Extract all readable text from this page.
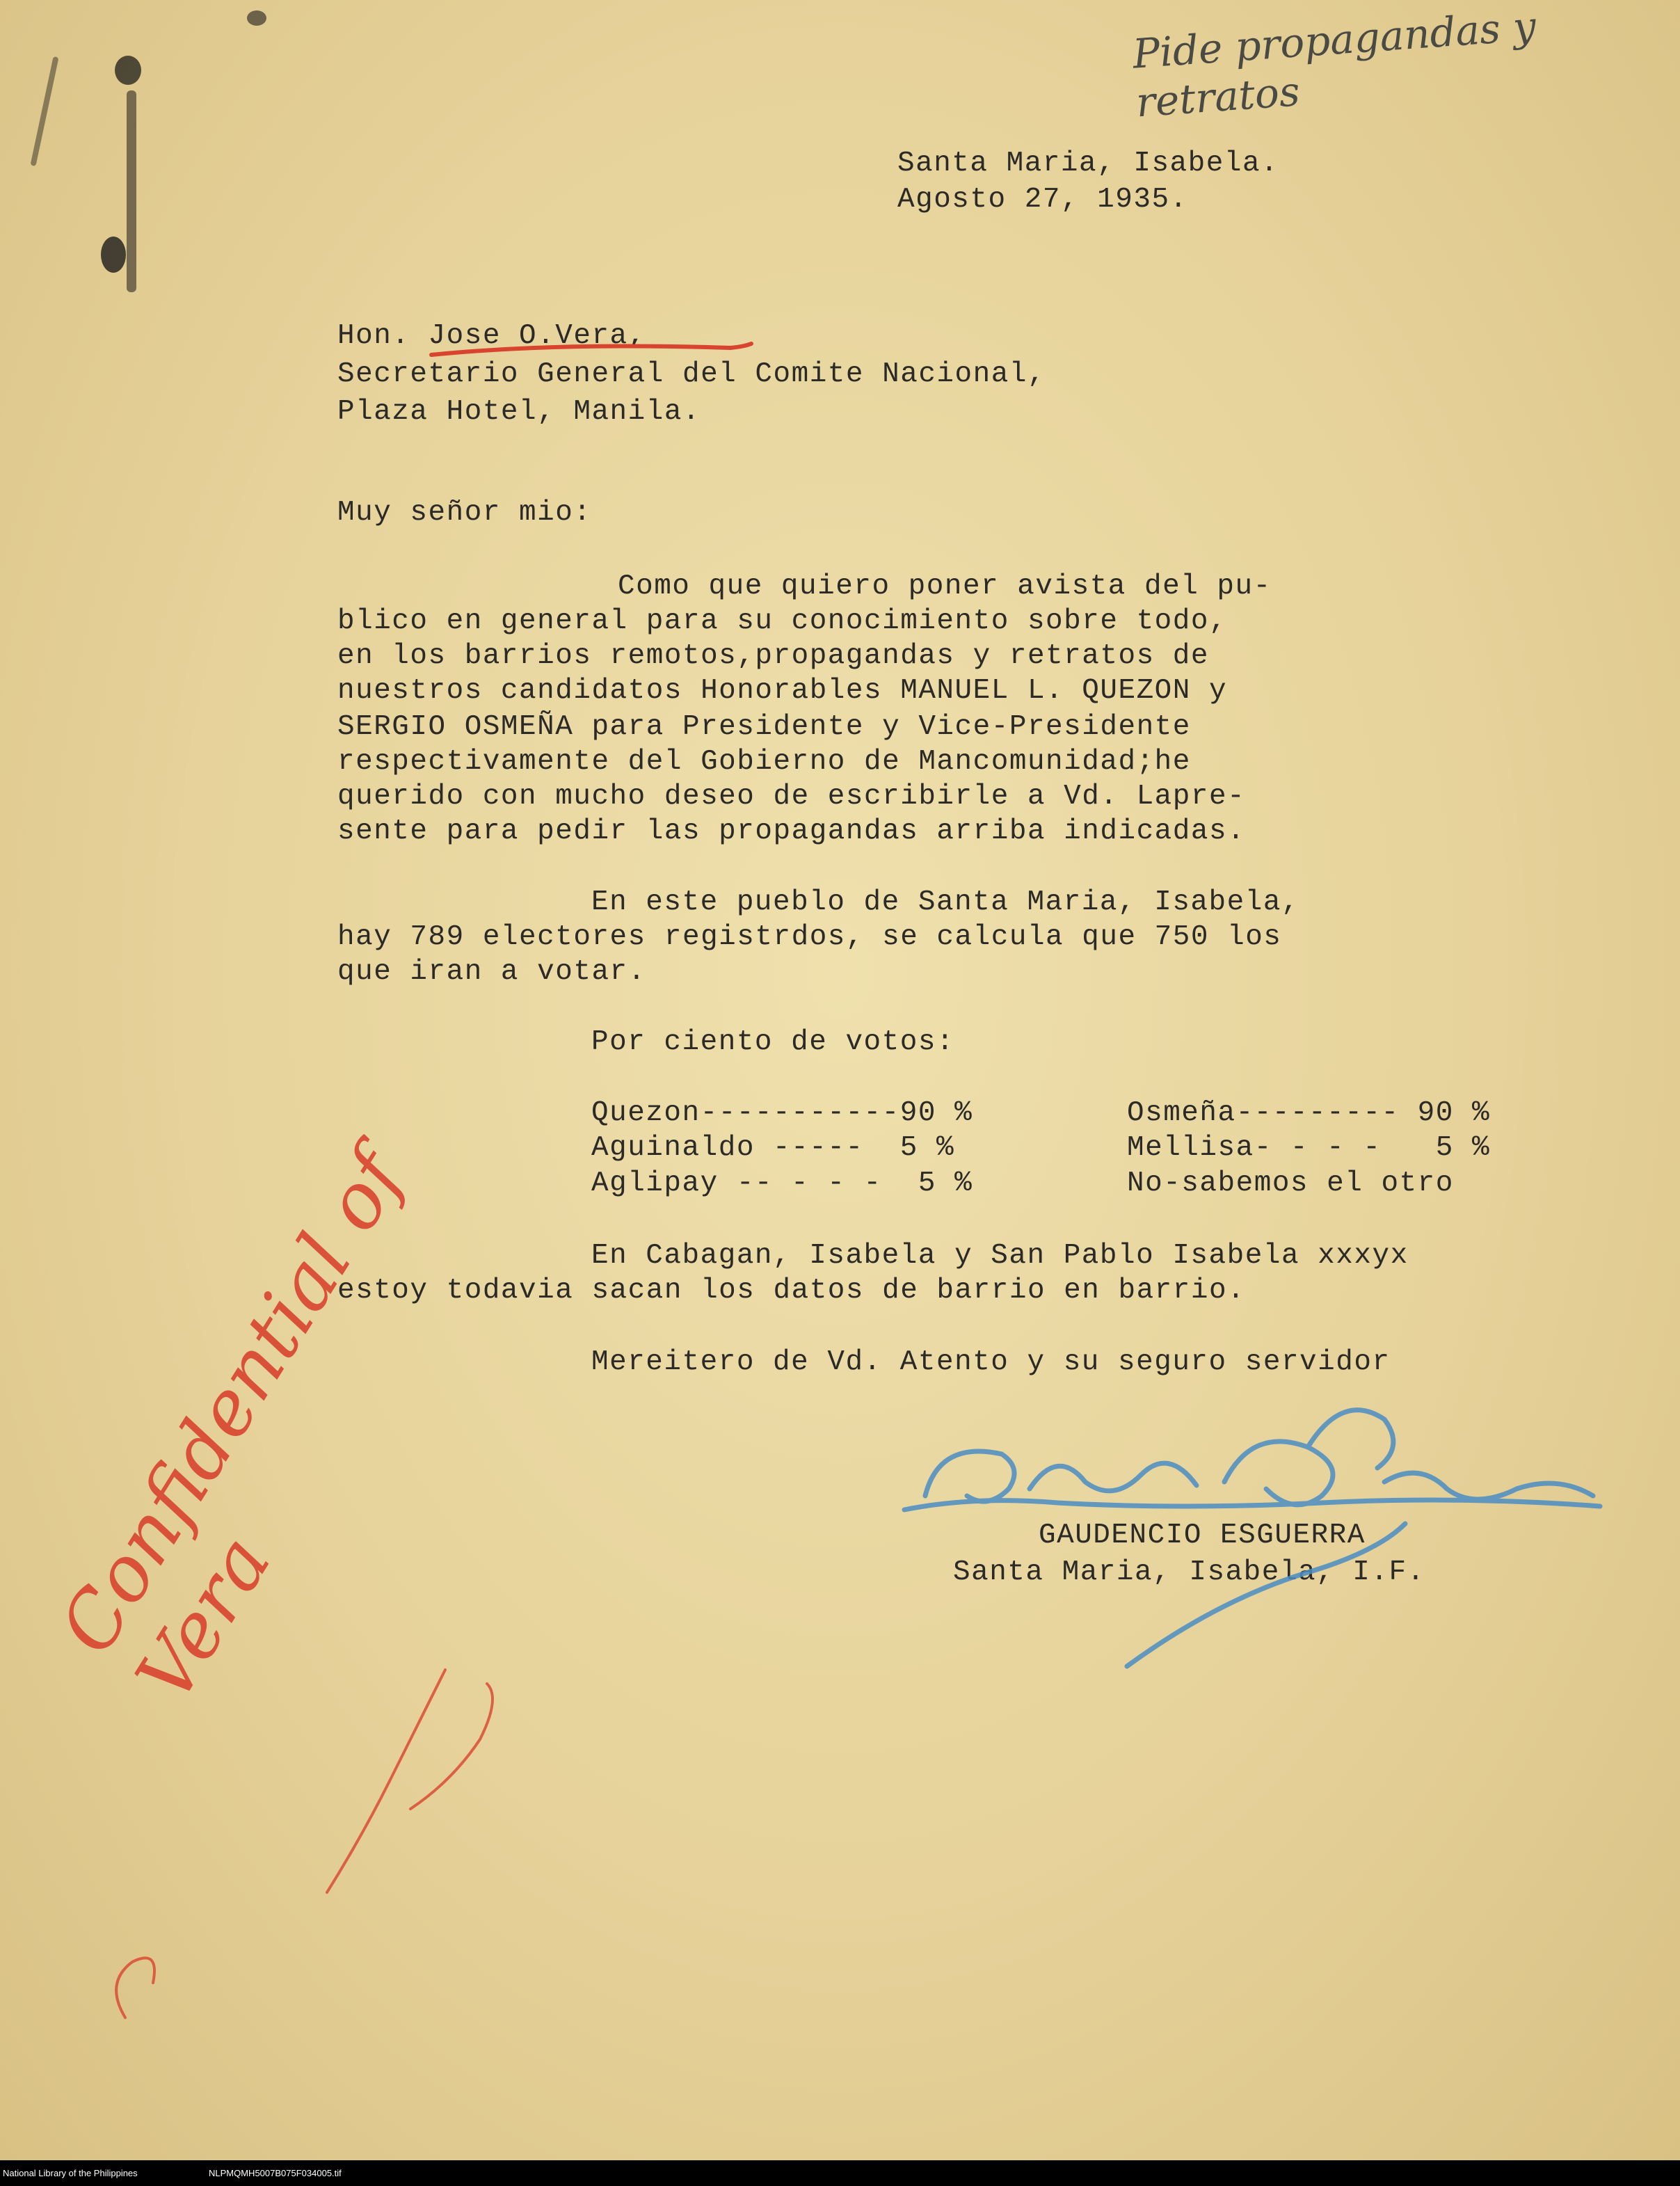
Pide propagandas y retratos
Santa Maria, Isabela.
Agosto 27, 1935.
Hon. Jose O.Vera,
Secretario General del Comite Nacional,
Plaza Hotel, Manila.
Muy señor mio:
Como que quiero poner avista del pu-
blico en general para su conocimiento sobre todo,
en los barrios remotos,propagandas y retratos de
nuestros candidatos Honorables MANUEL L. QUEZON y
SERGIO OSMEÑA para Presidente y Vice-Presidente
respectivamente del Gobierno de Mancomunidad;he
querido con mucho deseo de escribirle a Vd. Lapre-
sente para pedir las propagandas arriba indicadas.
En este pueblo de Santa Maria, Isabela,
hay 789 electores registrdos, se calcula que 750 los
que iran a votar.
Por ciento de votos:
Quezon-----------90 %
Aguinaldo -----  5 %
Aglipay -- - - -  5 %
Osmeña--------- 90 %
Mellisa- - - -   5 %
No-sabemos el otro
En Cabagan, Isabela y San Pablo Isabela xxxyx
estoy todavia sacan los datos de barrio en barrio.
Mereitero de Vd. Atento y su seguro servidor
GAUDENCIO ESGUERRA
Santa Maria, Isabela, I.F.
Confidential of Vera
National Library of the Philippines	NLPMQMH5007B075F034005.tif
